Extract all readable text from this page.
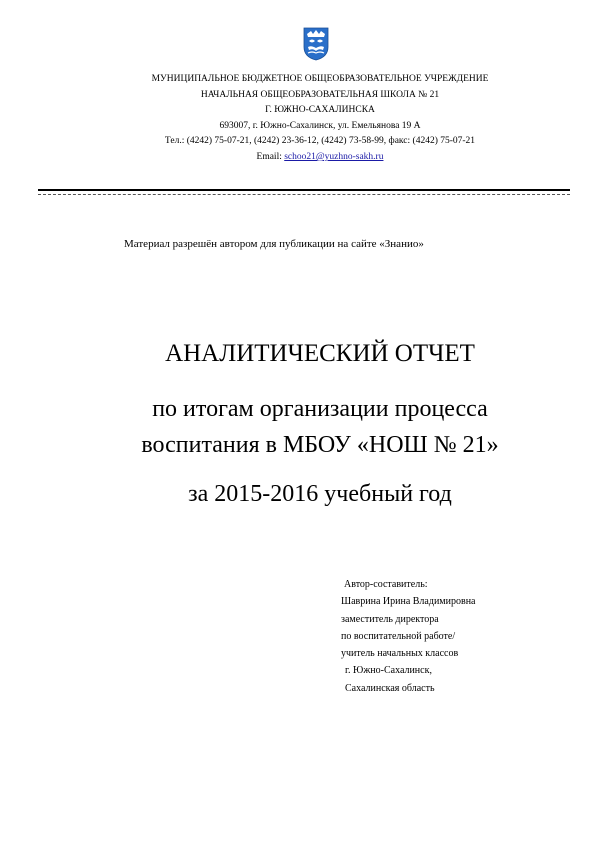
МУНИЦИПАЛЬНОЕ БЮДЖЕТНОЕ ОБЩЕОБРАЗОВАТЕЛЬНОЕ УЧРЕЖДЕНИЕ
НАЧАЛЬНАЯ ОБЩЕОБРАЗОВАТЕЛЬНАЯ ШКОЛА № 21
Г. ЮЖНО-САХАЛИНСКА
693007, г. Южно-Сахалинск, ул. Емельянова 19 А
Тел.: (4242) 75-07-21, (4242) 23-36-12, (4242) 73-58-99, факс: (4242) 75-07-21
Email: schoo21@yuzhno-sakh.ru
Материал разрешён автором для публикации на сайте «Знанио»
АНАЛИТИЧЕСКИЙ ОТЧЕТ
по итогам организации процесса
воспитания в МБОУ «НОШ № 21»
за 2015-2016 учебный год
Автор-составитель:
Шаврина Ирина Владимировна
заместитель директора
по воспитательной работе/
учитель начальных классов
г. Южно-Сахалинск,
Сахалинская область
